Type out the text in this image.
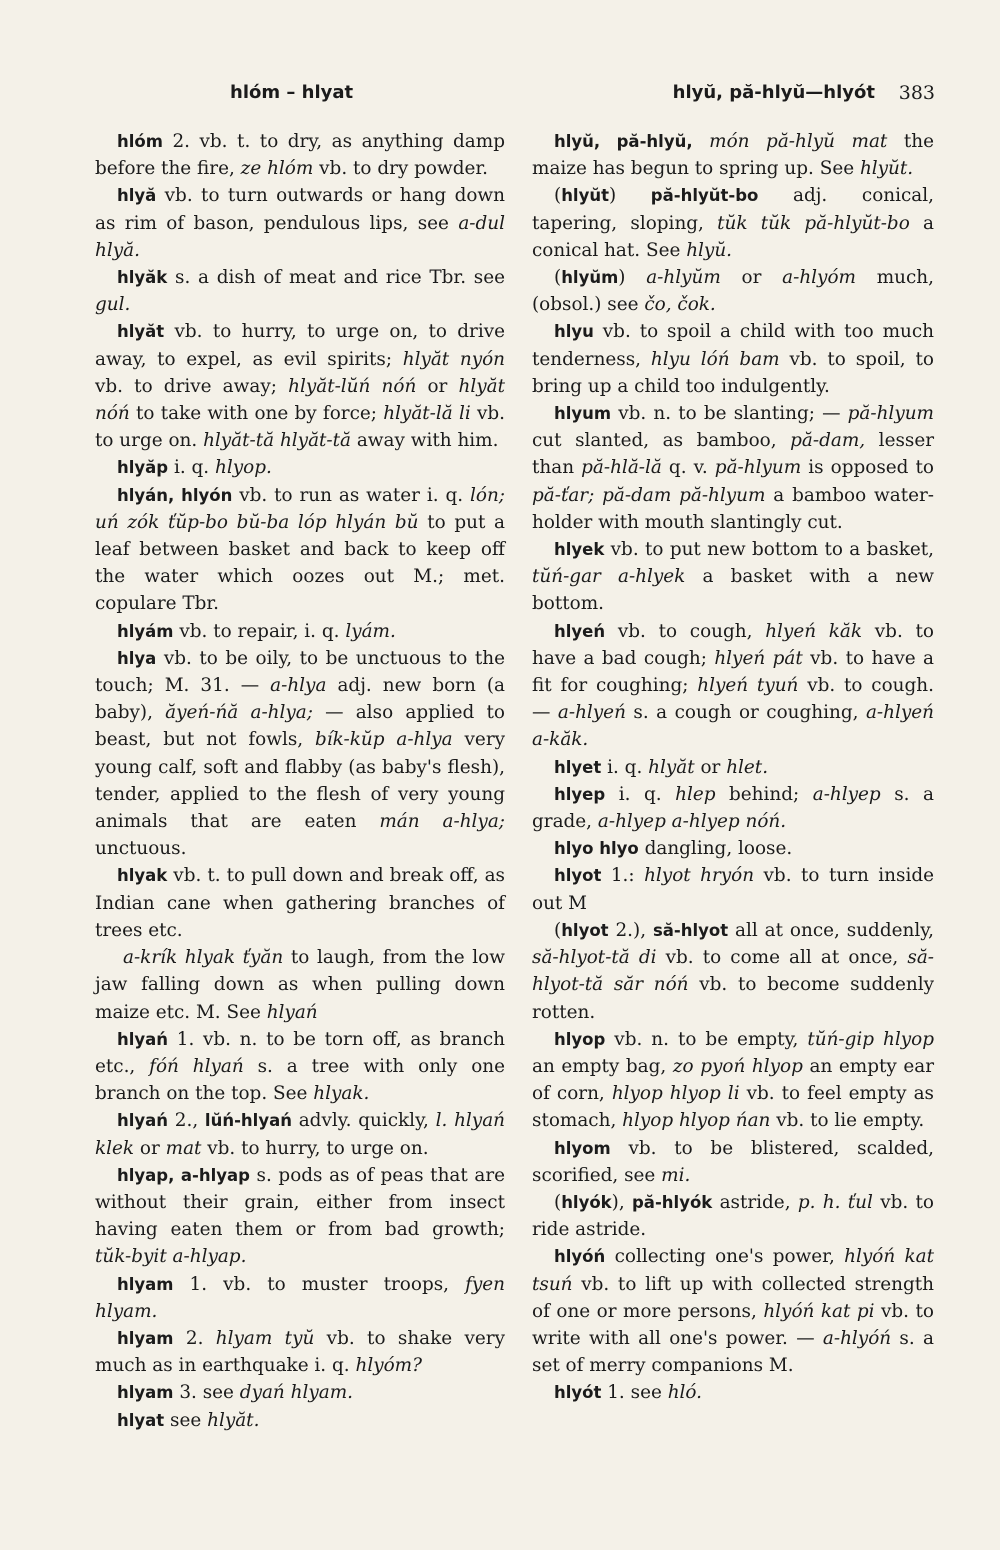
hlóm – hlyat	hlyŭ, pă-hlyŭ—hlyót 383

hlóm 2. vb. t. to dry, as anything damp before the fire, ze hlóm vb. to dry powder.

hlyă vb. to turn outwards or hang down as rim of bason, pendulous lips, see a-dul hlyă.

hlyăk s. a dish of meat and rice Tbr. see gul.

hlyăt vb. to hurry, to urge on, to drive away, to expel, as evil spirits; hlyăt nyón vb. to drive away; hlyăt-lŭń nóń or hlyăt nóń to take with one by force; hlyăt-lă li vb. to urge on. hlyăt-tă hlyăt-tă away with him.

hlyăp i. q. hlyop.

hlyán, hlyón vb. to run as water i. q. lón; uń zók ťŭp-bo bŭ-ba lóp hlyán bŭ to put a leaf between basket and back to keep off the water which oozes out M.; met. copulare Tbr.

hlyám vb. to repair, i. q. lyám.

hlya vb. to be oily, to be unctuous to the touch; M. 31. — a-hlya adj. new born (a baby), ăyeń-ńă a-hlya; — also applied to beast, but not fowls, bík-kŭp a-hlya very young calf, soft and flabby (as baby's flesh), tender, applied to the flesh of very young animals that are eaten mán a-hlya; unctuous.

hlyak vb. t. to pull down and break off, as Indian cane when gathering branches of trees etc.

a-krík hlyak ťyăn to laugh, from the low jaw falling down as when pulling down maize etc. M. See hlyań

hlyań 1. vb. n. to be torn off, as branch etc., fóń hlyań s. a tree with only one branch on the top. See hlyak.

hlyań 2., lŭń-hlyań advly. quickly, l. hlyań klek or mat vb. to hurry, to urge on.

hlyap, a-hlyap s. pods as of peas that are without their grain, either from insect having eaten them or from bad growth; tŭk-byit a-hlyap.

hlyam 1. vb. to muster troops, fyen hlyam.

hlyam 2. hlyam tyŭ vb. to shake very much as in earthquake i. q. hlyóm?

hlyam 3. see dyań hlyam.

hlyat see hlyăt.

hlyŭ, pă-hlyŭ, món pă-hlyŭ mat the maize has begun to spring up. See hlyŭt.

(hlyŭt) pă-hlyŭt-bo adj. conical, tapering, sloping, tŭk tŭk pă-hlyŭt-bo a conical hat. See hlyŭ.

(hlyŭm) a-hlyŭm or a-hlyóm much, (obsol.) see čo, čok.

hlyu vb. to spoil a child with too much tenderness, hlyu lóń bam vb. to spoil, to bring up a child too indulgently.

hlyum vb. n. to be slanting; — pă-hlyum cut slanted, as bamboo, pă-dam, lesser than pă-hlă-lă q. v. pă-hlyum is opposed to pă-ťar; pă-dam pă-hlyum a bamboo water-holder with mouth slantingly cut.

hlyek vb. to put new bottom to a basket, tŭń-gar a-hlyek a basket with a new bottom.

hlyeń vb. to cough, hlyeń kăk vb. to have a bad cough; hlyeń pát vb. to have a fit for coughing; hlyeń tyuń vb. to cough. — a-hlyeń s. a cough or coughing, a-hlyeń a-kăk.

hlyet i. q. hlyăt or hlet.

hlyep i. q. hlep behind; a-hlyep s. a grade, a-hlyep a-hlyep nóń.

hlyo hlyo dangling, loose.

hlyot 1.: hlyot hryón vb. to turn inside out M

(hlyot 2.), să-hlyot all at once, suddenly, să-hlyot-tă di vb. to come all at once, să-hlyot-tă săr nóń vb. to become suddenly rotten.

hlyop vb. n. to be empty, tŭń-gip hlyop an empty bag, zo pyoń hlyop an empty ear of corn, hlyop hlyop li vb. to feel empty as stomach, hlyop hlyop ńan vb. to lie empty.

hlyom vb. to be blistered, scalded, scorified, see mi.

(hlyók), pă-hlyók astride, p. h. ťul vb. to ride astride.

hlyóń collecting one's power, hlyóń kat tsuń vb. to lift up with collected strength of one or more persons, hlyóń kat pi vb. to write with all one's power. — a-hlyóń s. a set of merry companions M.

hlyót 1. see hló.
